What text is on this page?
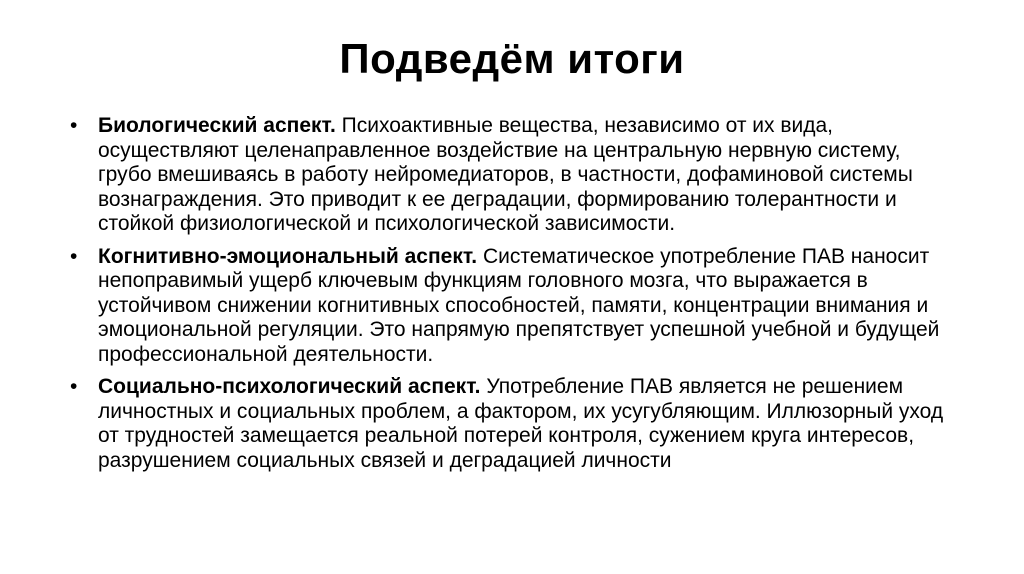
Подведём итоги
• Биологический аспект. Психоактивные вещества, независимо от их вида, осуществляют целенаправленное воздействие на центральную нервную систему, грубо вмешиваясь в работу нейромедиаторов, в частности, дофаминовой системы вознаграждения. Это приводит к ее деградации, формированию толерантности и стойкой физиологической и психологической зависимости.
• Когнитивно-эмоциональный аспект. Систематическое употребление ПАВ наносит непоправимый ущерб ключевым функциям головного мозга, что выражается в устойчивом снижении когнитивных способностей, памяти, концентрации внимания и эмоциональной регуляции. Это напрямую препятствует успешной учебной и будущей профессиональной деятельности.
• Социально-психологический аспект. Употребление ПАВ является не решением личностных и социальных проблем, а фактором, их усугубляющим. Иллюзорный уход от трудностей замещается реальной потерей контроля, сужением круга интересов, разрушением социальных связей и деградацией личности
